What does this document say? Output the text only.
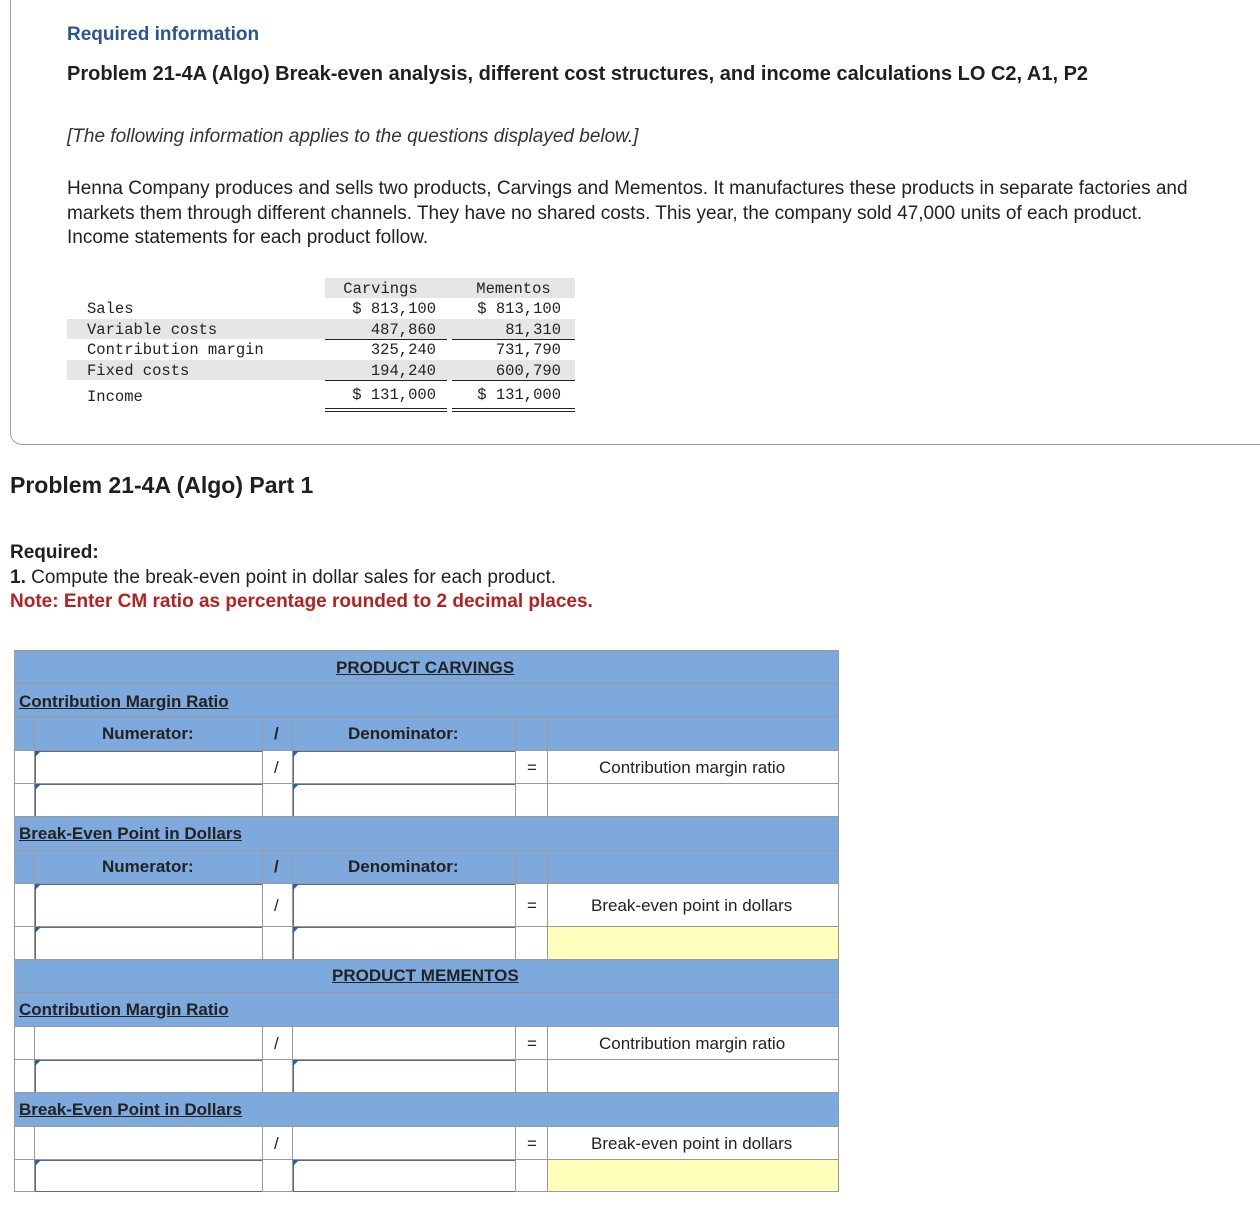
Required information
Problem 21-4A (Algo) Break-even analysis, different cost structures, and income calculations LO C2, A1, P2
[The following information applies to the questions displayed below.]
Henna Company produces and sells two products, Carvings and Mementos. It manufactures these products in separate factories and markets them through different channels. They have no shared costs. This year, the company sold 47,000 units of each product. Income statements for each product follow.
Carvings	Mementos
Sales	$ 813,100	$ 813,100
Variable costs	487,860	81,310
Contribution margin	325,240	731,790
Fixed costs	194,240	600,790
Income	$ 131,000	$ 131,000
Problem 21-4A (Algo) Part 1
Required:
1. Compute the break-even point in dollar sales for each product.
Note: Enter CM ratio as percentage rounded to 2 decimal places.
PRODUCT CARVINGS
Contribution Margin Ratio
Numerator:	/	Denominator:
/	=	Contribution margin ratio
Break-Even Point in Dollars
Numerator:	/	Denominator:
/	=	Break-even point in dollars
PRODUCT MEMENTOS
Contribution Margin Ratio
/	=	Contribution margin ratio
Break-Even Point in Dollars
/	=	Break-even point in dollars
